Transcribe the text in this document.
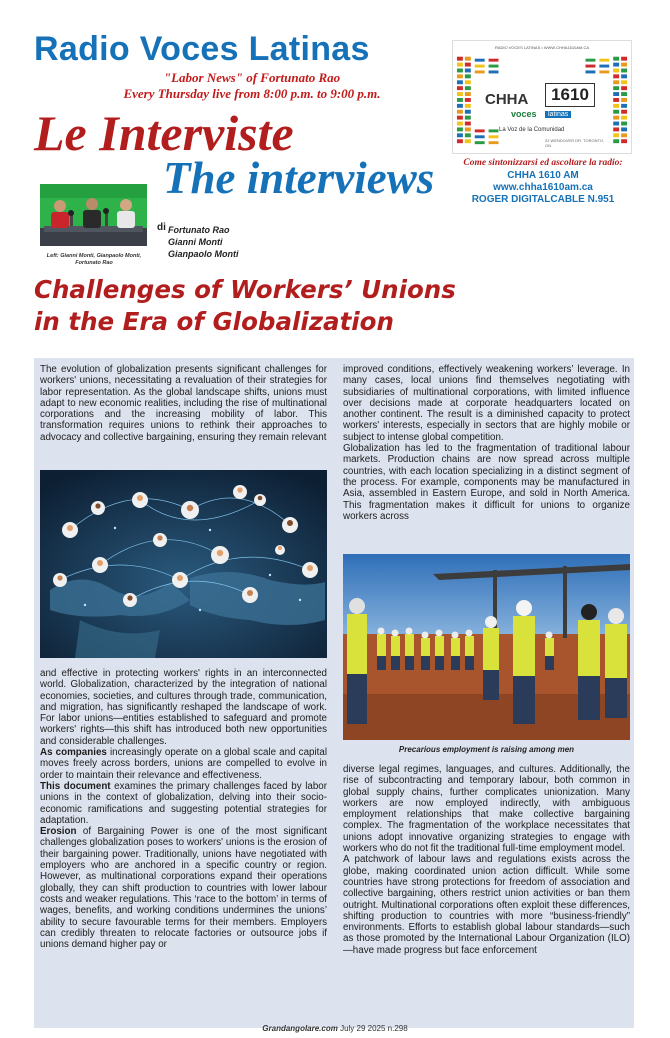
Radio Voces Latinas
"Labor News" of Fortunato Rao
Every Thursday live from 8:00 p.m. to 9:00 p.m.
Le Interviste
The interviews
RADIO VOCES LATINAS • WWW.CHHA1610AM.CA
CHHA	1610
voces	latinas
La Voz de la Comunidad
22 WENDOVER DR. TORONTO, ON
Come sintonizzarsi ed ascoltare la radio:
CHHA 1610 AM
www.chha1610am.ca
ROGER DIGITALCABLE N.951
Left: Gianni Monti, Gianpaolo Monti, Fortunato Rao
di Fortunato Rao
Gianni Monti
Gianpaolo Monti
Challenges of Workers’ Unions
in the Era of Globalization

The evolution of globalization presents significant challenges for workers' unions, necessitating a revaluation of their strategies for labor representation. As the global landscape shifts, unions must adapt to new economic realities, including the rise of multinational corporations and the increasing mobility of labor. This transformation requires unions to rethink their approaches to advocacy and collective bargaining, ensuring they remain relevant

and effective in protecting workers' rights in an interconnected world. Globalization, characterized by the integration of national economies, societies, and cultures through trade, communication, and migration, has significantly reshaped the landscape of work. For labor unions—entities established to safeguard and promote workers' rights—this shift has introduced both new opportunities and considerable challenges.

As companies increasingly operate on a global scale and capital moves freely across borders, unions are compelled to evolve in order to maintain their relevance and effectiveness.

This document examines the primary challenges faced by labor unions in the context of globalization, delving into their socio-economic ramifications and suggesting potential strategies for adaptation.

Erosion of Bargaining Power is one of the most significant challenges globalization poses to workers' unions is the erosion of their bargaining power. Traditionally, unions have negotiated with employers who are anchored in a specific country or region. However, as multinational corporations expand their operations globally, they can shift production to countries with lower labour costs and weaker regulations. This ‘race to the bottom’ in terms of wages, benefits, and working conditions undermines the unions’ ability to secure favourable terms for their members. Employers can credibly threaten to relocate factories or outsource jobs if unions demand higher pay or

improved conditions, effectively weakening workers’ leverage. In many cases, local unions find themselves negotiating with subsidiaries of multinational corporations, with limited influence over decisions made at corporate headquarters located on another continent. The result is a diminished capacity to protect workers' interests, especially in sectors that are highly mobile or subject to intense global competition.

Globalization has led to the fragmentation of traditional labour markets. Production chains are now spread across multiple countries, with each location specializing in a distinct segment of the process. For example, components may be manufactured in Asia, assembled in Eastern Europe, and sold in North America. This fragmentation makes it difficult for unions to organize workers across

Precarious employment is raising among men

diverse legal regimes, languages, and cultures. Additionally, the rise of subcontracting and temporary labour, both common in global supply chains, further complicates unionization. Many workers are now employed indirectly, with ambiguous employment relationships that make collective bargaining complex. The fragmentation of the workplace necessitates that unions adopt innovative organizing strategies to engage with workers who do not fit the traditional full-time employment model.

A patchwork of labour laws and regulations exists across the globe, making coordinated union action difficult. While some countries have strong protections for freedom of association and collective bargaining, others restrict union activities or ban them outright. Multinational corporations often exploit these differences, shifting production to countries with more “business-friendly” environments. Efforts to establish global labour standards—such as those promoted by the International Labour Organization (ILO)—have made progress but face enforcement

Grandangolare.com July 29 2025 n.298
